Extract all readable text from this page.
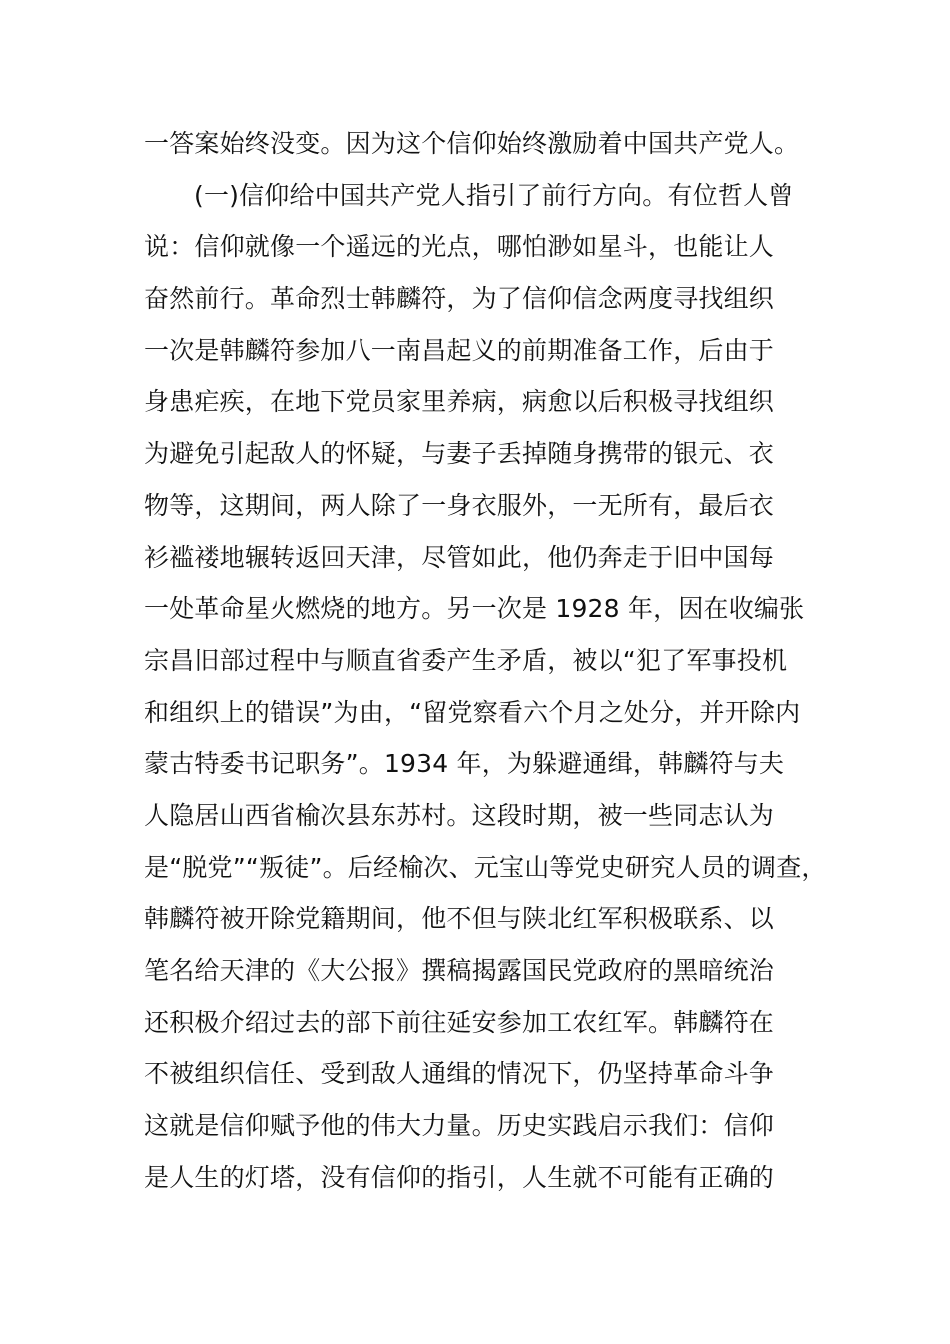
一答案始终没变。因为这个信仰始终激励着中国共产党人。
(一)信仰给中国共产党人指引了前行方向。有位哲人曾
说：信仰就像一个遥远的光点，哪怕渺如星斗，也能让人
奋然前行。革命烈士韩麟符，为了信仰信念两度寻找组织
一次是韩麟符参加八一南昌起义的前期准备工作，后由于
身患疟疾，在地下党员家里养病，病愈以后积极寻找组织
为避免引起敌人的怀疑，与妻子丢掉随身携带的银元、衣
物等，这期间，两人除了一身衣服外，一无所有，最后衣
衫褴褛地辗转返回天津，尽管如此，他仍奔走于旧中国每
一处革命星火燃烧的地方。另一次是 1928 年，因在收编张
宗昌旧部过程中与顺直省委产生矛盾，被以“犯了军事投机
和组织上的错误”为由，“留党察看六个月之处分，并开除内
蒙古特委书记职务”。1934 年，为躲避通缉，韩麟符与夫
人隐居山西省榆次县东苏村。这段时期，被一些同志认为
是“脱党”“叛徒”。后经榆次、元宝山等党史研究人员的调查，
韩麟符被开除党籍期间，他不但与陕北红军积极联系、以
笔名给天津的《大公报》撰稿揭露国民党政府的黑暗统治
还积极介绍过去的部下前往延安参加工农红军。韩麟符在
不被组织信任、受到敌人通缉的情况下，仍坚持革命斗争
这就是信仰赋予他的伟大力量。历史实践启示我们：信仰
是人生的灯塔，没有信仰的指引，人生就不可能有正确的
